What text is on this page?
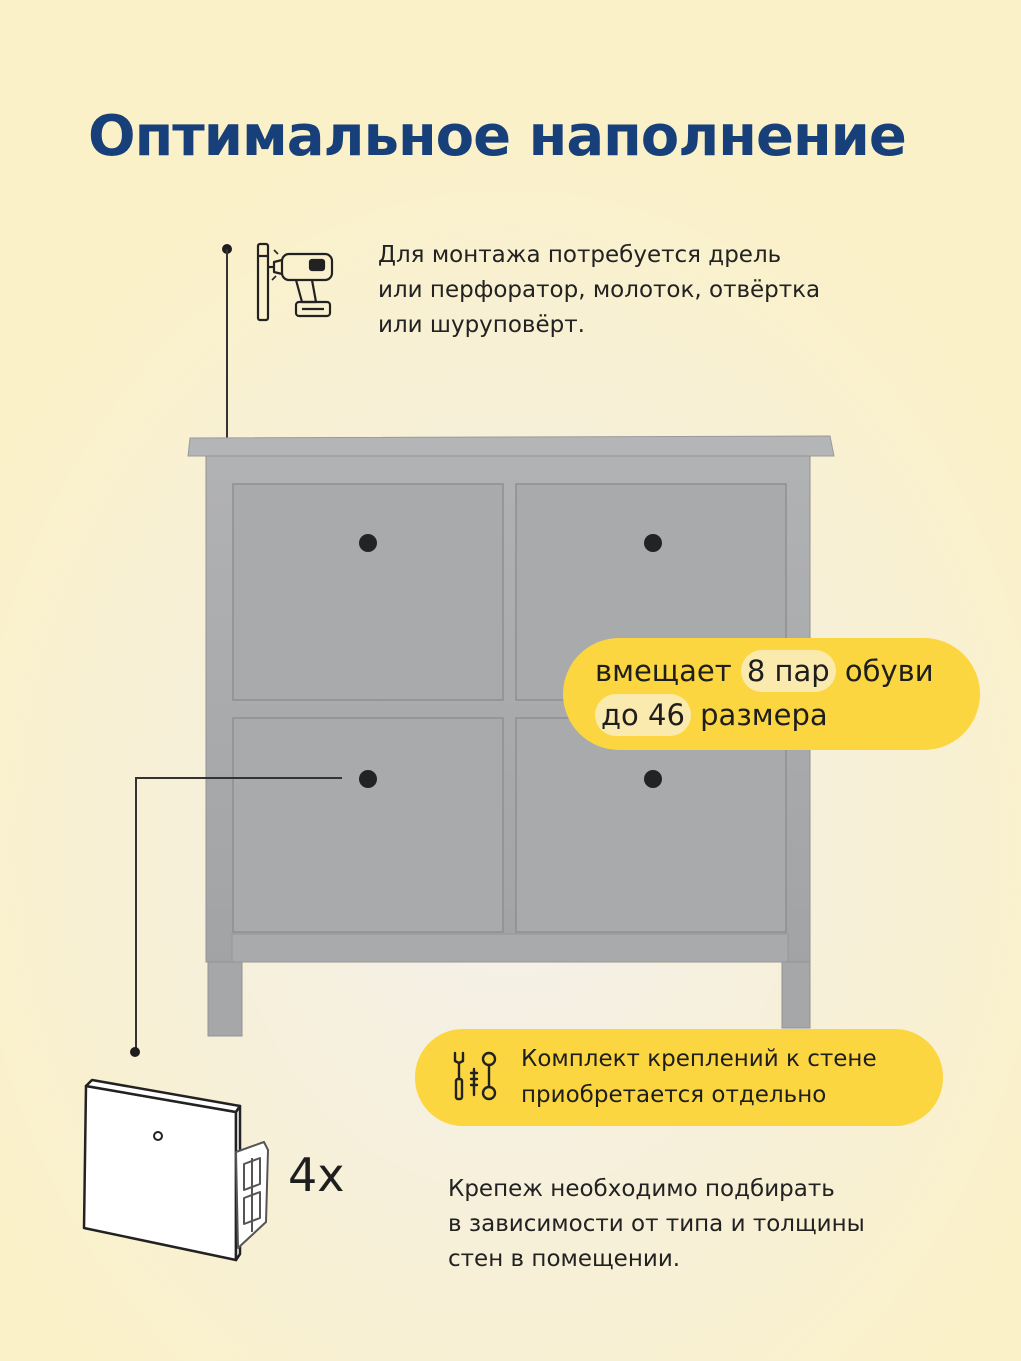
Оптимальное наполнение
Для монтажа потребуется дрель
или перфоратор, молоток, отвёртка
или шуруповёрт.
вмещает 8 пар обуви
до 46 размера
Комплект креплений к стене
приобретается отдельно
4x	Крепеж необходимо подбирать
в зависимости от типа и толщины
стен в помещении.
